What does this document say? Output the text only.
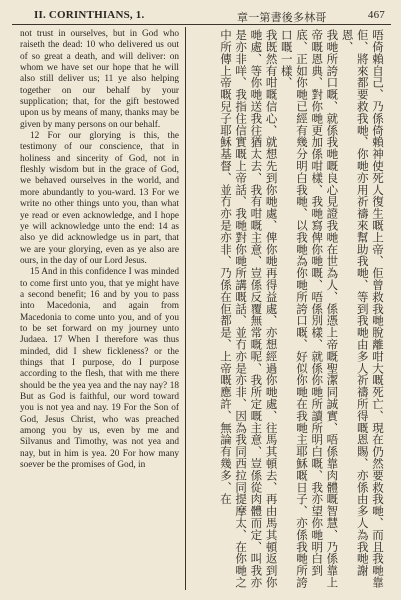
II. CORINTHIANS, 1.	章一第書後多林哥	467

not trust in ourselves, but in God who raiseth the dead: 10 who delivered us out of so great a death, and will deliver: on whom we have set our hope that he will also still deliver us; 11 ye also helping together on our behalf by your supplication; that, for the gift bestowed upon us by means of many, thanks may be given by many persons on our behalf.

12 For our glorying is this, the testimony of our conscience, that in holiness and sincerity of God, not in fleshly wisdom but in the grace of God, we behaved ourselves in the world, and more abundantly to you-ward. 13 For we write no other things unto you, than what ye read or even acknowledge, and I hope ye will acknowledge unto the end: 14 as also ye did acknowledge us in part, that we are your glorying, even as ye also are ours, in the day of our Lord Jesus.

15 And in this confidence I was minded to come first unto you, that ye might have a second benefit; 16 and by you to pass into Macedonia, and again from Macedonia to come unto you, and of you to be set forward on my journey unto Judaea. 17 When I therefore was thus minded, did I shew fickleness? or the things that I purpose, do I purpose according to the flesh, that with me there should be the yea yea and the nay nay? 18 But as God is faithful, our word toward you is not yea and nay. 19 For the Son of God, Jesus Christ, who was preached among you by us, even by me and Silvanus and Timothy, was not yea and nay, but in him is yea. 20 For how many soever be the promises of God, in	唔倚賴自己、乃係倚賴神使死人復生嘅上帝、佢曾救我哋脫離咁大嘅死亡、現在仍然要救我哋、而且我哋靠佢、將來都要救我哋、你哋亦用祈禱來幫助我哋、等到我哋由多人祈禱所得嘅恩賜、亦係由多人為我哋謝恩、

我哋所誇口嘅、就係我哋嘅良心見證我哋在世為人、係憑上帝嘅聖潔同誠實、唔係靠肉體嘅智慧、乃係靠上帝嘅恩典、對你哋更加係咁樣、我哋寫俾你哋嘅、唔係別樣、就係你哋所讀所明白嘅、我亦望你哋明白到底、正如你哋已經有幾分明白我哋、以我哋為你哋所誇口嘅、好似你哋在我哋主耶穌嘅日子、亦係我哋所誇口嘅一樣、

我既然有咁嘅信心、就想先到你哋處、俾你哋再得益處、亦想經過你哋處、往馬其頓去、再由馬其頓返到你哋處、等你哋送我往猶太去、我有咁嘅主意、豈係反覆無常嘅呢、我所定嘅主意、豈係從肉體而定、叫我亦是亦非咩、我指住信實嘅上帝話、我哋對你哋所講嘅話、並冇亦是亦非、因為我同西拉同提摩太、在你哋之中所傳上帝嘅兒子耶穌基督、並冇亦是亦非、乃係在佢都是、上帝嘅應許、無論有幾多、在
